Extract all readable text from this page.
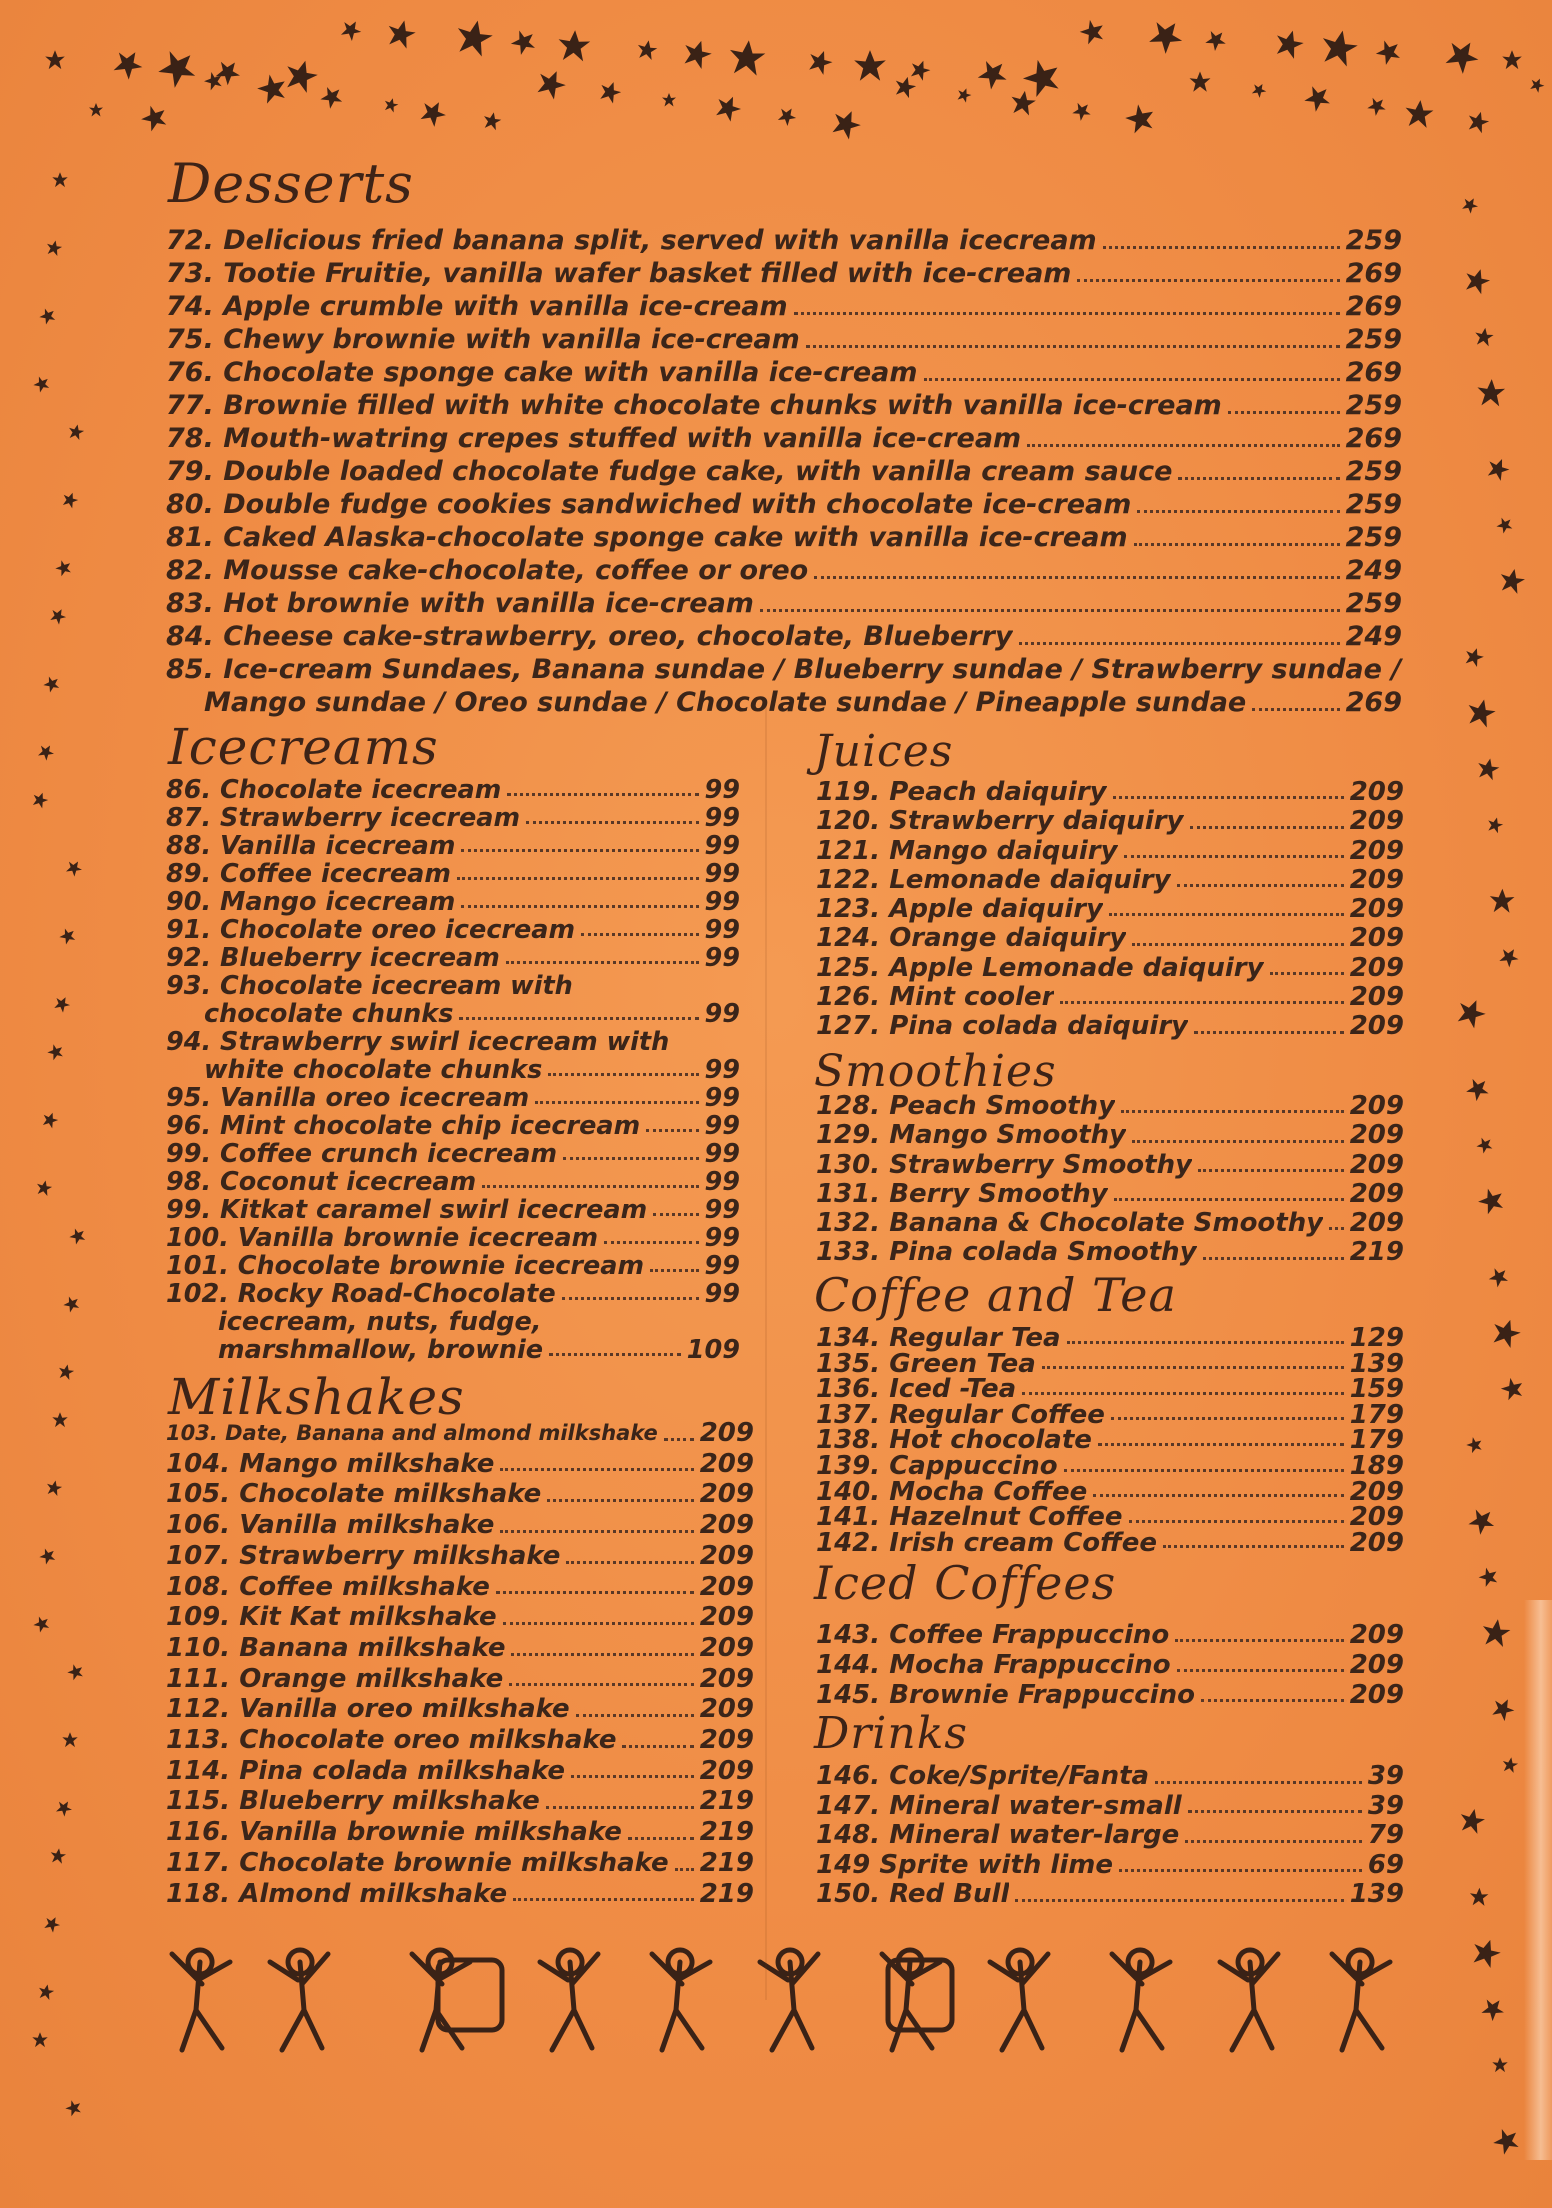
Desserts
72. Delicious fried banana split, served with vanilla icecream	259
73. Tootie Fruitie, vanilla wafer basket filled with ice-cream	269
74. Apple crumble with vanilla ice-cream	269
75. Chewy brownie with vanilla ice-cream	259
76. Chocolate sponge cake with vanilla ice-cream	269
77. Brownie filled with white chocolate chunks with vanilla ice-cream	259
78. Mouth-watring crepes stuffed with vanilla ice-cream	269
79. Double loaded chocolate fudge cake, with vanilla cream sauce	259
80. Double fudge cookies sandwiched with chocolate ice-cream	259
81. Caked Alaska-chocolate sponge cake with vanilla ice-cream	259
82. Mousse cake-chocolate, coffee or oreo	249
83. Hot brownie with vanilla ice-cream	259
84. Cheese cake-strawberry, oreo, chocolate, Blueberry	249
85. Ice-cream Sundaes, Banana sundae / Blueberry sundae / Strawberry sundae /
Mango sundae / Oreo sundae / Chocolate sundae / Pineapple sundae	269
Icecreams
86. Chocolate icecream	99
87. Strawberry icecream	99
88. Vanilla icecream	99
89. Coffee icecream	99
90. Mango icecream	99
91. Chocolate oreo icecream	99
92. Blueberry icecream	99
93. Chocolate icecream with
chocolate chunks	99
94. Strawberry swirl icecream with
white chocolate chunks	99
95. Vanilla oreo icecream	99
96. Mint chocolate chip icecream	99
99. Coffee crunch icecream	99
98. Coconut icecream	99
99. Kitkat caramel swirl icecream 99
100. Vanilla brownie icecream	99
101. Chocolate brownie icecream 99
102. Rocky Road-Chocolate	99
icecream, nuts, fudge,
marshmallow, brownie	109
Milkshakes
103. Date, Banana and almond milkshake 209
104. Mango milkshake	209
105. Chocolate milkshake	209
106. Vanilla milkshake	209
107. Strawberry milkshake	209
108. Coffee milkshake	209
109. Kit Kat milkshake	209
110. Banana milkshake	209
111. Orange milkshake	209
112. Vanilla oreo milkshake	209
113. Chocolate oreo milkshake	209
114. Pina colada milkshake	209
115. Blueberry milkshake	219
116. Vanilla brownie milkshake	219
117. Chocolate brownie milkshake 219
118. Almond milkshake	219
Juices
119. Peach daiquiry	209
120. Strawberry daiquiry	209
121. Mango daiquiry	209
122. Lemonade daiquiry	209
123. Apple daiquiry	209
124. Orange daiquiry	209
125. Apple Lemonade daiquiry	209
126. Mint cooler	209
127. Pina colada daiquiry	209
Smoothies
128. Peach Smoothy	209
129. Mango Smoothy	209
130. Strawberry Smoothy	209
131. Berry Smoothy	209
132. Banana & Chocolate Smoothy 209
133. Pina colada Smoothy	219
Coffee and Tea
134. Regular Tea	129
135. Green Tea	139
136. Iced -Tea	159
137. Regular Coffee	179
138. Hot chocolate	179
139. Cappuccino	189
140. Mocha Coffee	209
141. Hazelnut Coffee	209
142. Irish cream Coffee	209
Iced Coffees
143. Coffee Frappuccino	209
144. Mocha Frappuccino	209
145. Brownie Frappuccino	209
Drinks
146. Coke/Sprite/Fanta	39
147. Mineral water-small	39
148. Mineral water-large	79
149 Sprite with lime	69
150. Red Bull	139
